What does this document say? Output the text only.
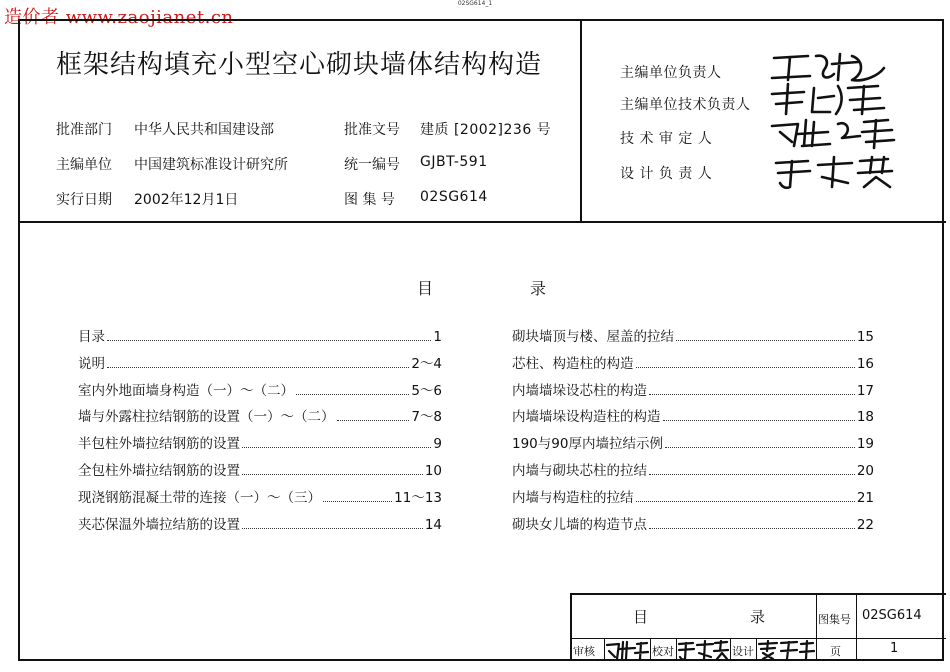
02SG614_1
造价者 www.zaojianet.cn
框架结构填充小型空心砌块墙体结构构造
批准部门 中华人民共和国建设部	批准文号 建质 [2002]236 号
主编单位 中国建筑标准设计研究所	统一编号 GJBT-591
实行日期 2002年12月1日	图 集 号 02SG614
主编单位负责人
主编单位技术负责人
技 术 审 定 人
设 计 负 责 人
目	录
目录	1
说明	2～4
室内外地面墙身构造（一）～（二）	5～6
墙与外露柱拉结钢筋的设置（一）～（二）	7～8
半包柱外墙拉结钢筋的设置	9
全包柱外墙拉结钢筋的设置	10
现浇钢筋混凝土带的连接（一）～（三）	11～13
夹芯保温外墙拉结筋的设置	14
砌块墙顶与楼、屋盖的拉结	15
芯柱、构造柱的构造	16
内墙墙垛设芯柱的构造	17
内墙墙垛设构造柱的构造	18
190与90厚内墙拉结示例	19
内墙与砌块芯柱的拉结	20
内墙与构造柱的拉结	21
砌块女儿墙的构造节点	22
目	录	图集号 02SG614
审核	校对	设计	页	1
